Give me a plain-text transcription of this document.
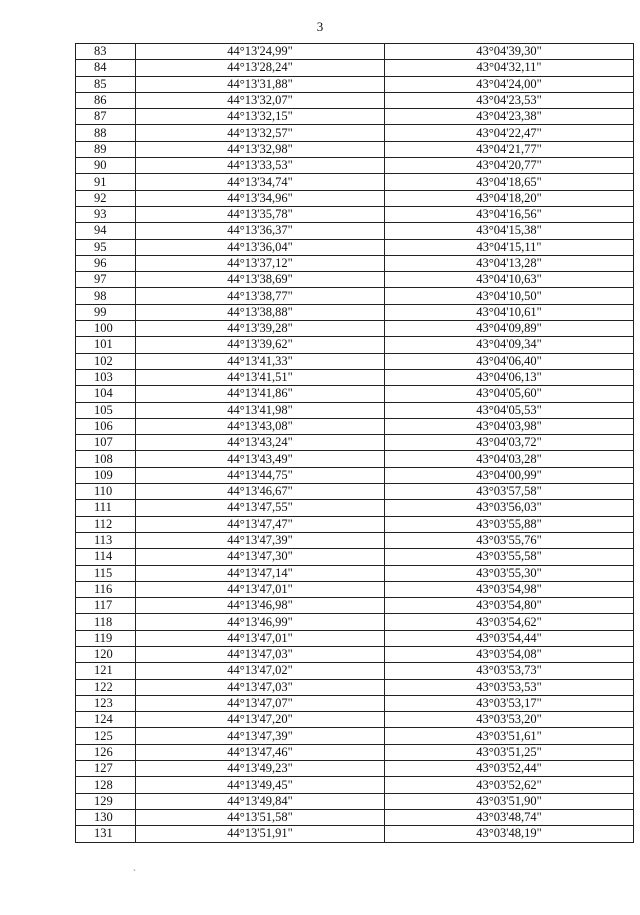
3
83	44°13'24,99"	43°04'39,30"
84	44°13'28,24"	43°04'32,11"
85	44°13'31,88"	43°04'24,00"
86	44°13'32,07"	43°04'23,53"
87	44°13'32,15"	43°04'23,38"
88	44°13'32,57"	43°04'22,47"
89	44°13'32,98"	43°04'21,77"
90	44°13'33,53"	43°04'20,77"
91	44°13'34,74"	43°04'18,65"
92	44°13'34,96"	43°04'18,20"
93	44°13'35,78"	43°04'16,56"
94	44°13'36,37"	43°04'15,38"
95	44°13'36,04"	43°04'15,11"
96	44°13'37,12"	43°04'13,28"
97	44°13'38,69"	43°04'10,63"
98	44°13'38,77"	43°04'10,50"
99	44°13'38,88"	43°04'10,61"
100	44°13'39,28"	43°04'09,89"
101	44°13'39,62"	43°04'09,34"
102	44°13'41,33"	43°04'06,40"
103	44°13'41,51"	43°04'06,13"
104	44°13'41,86"	43°04'05,60"
105	44°13'41,98"	43°04'05,53"
106	44°13'43,08"	43°04'03,98"
107	44°13'43,24"	43°04'03,72"
108	44°13'43,49"	43°04'03,28"
109	44°13'44,75"	43°04'00,99"
110	44°13'46,67"	43°03'57,58"
111	44°13'47,55"	43°03'56,03"
112	44°13'47,47"	43°03'55,88"
113	44°13'47,39"	43°03'55,76"
114	44°13'47,30"	43°03'55,58"
115	44°13'47,14"	43°03'55,30"
116	44°13'47,01"	43°03'54,98"
117	44°13'46,98"	43°03'54,80"
118	44°13'46,99"	43°03'54,62"
119	44°13'47,01"	43°03'54,44"
120	44°13'47,03"	43°03'54,08"
121	44°13'47,02"	43°03'53,73"
122	44°13'47,03"	43°03'53,53"
123	44°13'47,07"	43°03'53,17"
124	44°13'47,20"	43°03'53,20"
125	44°13'47,39"	43°03'51,61"
126	44°13'47,46"	43°03'51,25"
127	44°13'49,23"	43°03'52,44"
128	44°13'49,45"	43°03'52,62"
129	44°13'49,84"	43°03'51,90"
130	44°13'51,58"	43°03'48,74"
131	44°13'51,91"	43°03'48,19"
`
